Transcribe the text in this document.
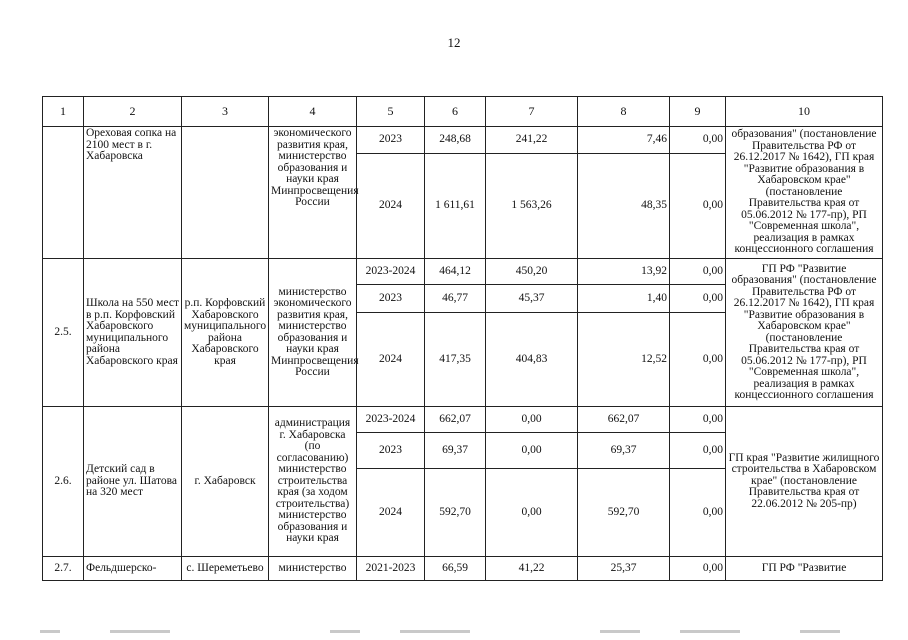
12
1	2	3	4	5	6	7	8	9	10
	Ореховая сопка на 2100 мест в г. Хабаровска		экономического развития края, министерство образования и науки края
Минпросвещения России	2023	248,68	241,22	7,46	0,00	образования" (постановление Правительства РФ от 26.12.2017 № 1642), ГП края "Развитие образования в Хабаровском крае" (постановление Правительства края от 05.06.2012 № 177-пр), РП "Современная школа", реализация в рамках концессионного соглашения
				2024	1 611,61	1 563,26	48,35	0,00	
2.5.	Школа на 550 мест в р.п. Корфовский Хабаровского муниципального района Хабаровского края	р.п. Корфовский Хабаровского муниципального района Хабаровского края	министерство экономического развития края, министерство образования и науки края
Минпросвещения России	2023-2024	464,12	450,20	13,92	0,00	ГП РФ "Развитие образования" (постановление Правительства РФ от 26.12.2017 № 1642), ГП края "Развитие образования в Хабаровском крае" (постановление Правительства края от 05.06.2012 № 177-пр), РП "Современная школа", реализация в рамках концессионного соглашения
				2023	46,77	45,37	1,40	0,00	
				2024	417,35	404,83	12,52	0,00	
2.6.	Детский сад в районе ул. Шатова на 320 мест	г. Хабаровск	администрация г. Хабаровска (по согласованию)
министерство строительства края (за ходом строительства)
министерство образования и науки края	2023-2024	662,07	0,00	662,07	0,00	ГП края "Развитие жилищного строительства в Хабаровском крае" (постановление Правительства края от 22.06.2012 № 205-пр)
				2023	69,37	0,00	69,37	0,00	
				2024	592,70	0,00	592,70	0,00	
2.7.	Фельдшерско-	с. Шереметьево	министерство	2021-2023	66,59	41,22	25,37	0,00	ГП РФ "Развитие
